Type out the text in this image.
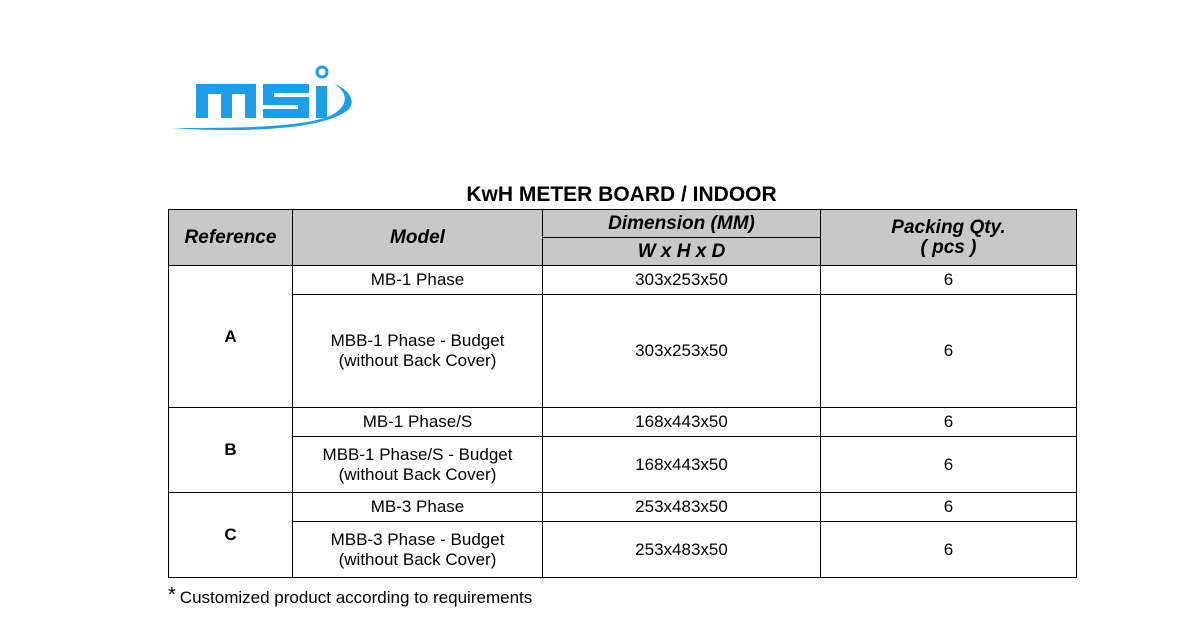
KwH METER BOARD / INDOOR
Reference	Model	Dimension (MM)	Packing Qty.
( pcs )

		W x H x D	
A	MB-1 Phase	303x253x50	6

	MBB-1 Phase - Budget
(without Back Cover)	303x253x50	6
B	MB-1 Phase/S	168x443x50	6

	MBB-1 Phase/S - Budget
(without Back Cover)	168x443x50	6
C	MB-3 Phase	253x483x50	6

	MBB-3 Phase - Budget
(without Back Cover)	253x483x50	6
* Customized product according to requirements
